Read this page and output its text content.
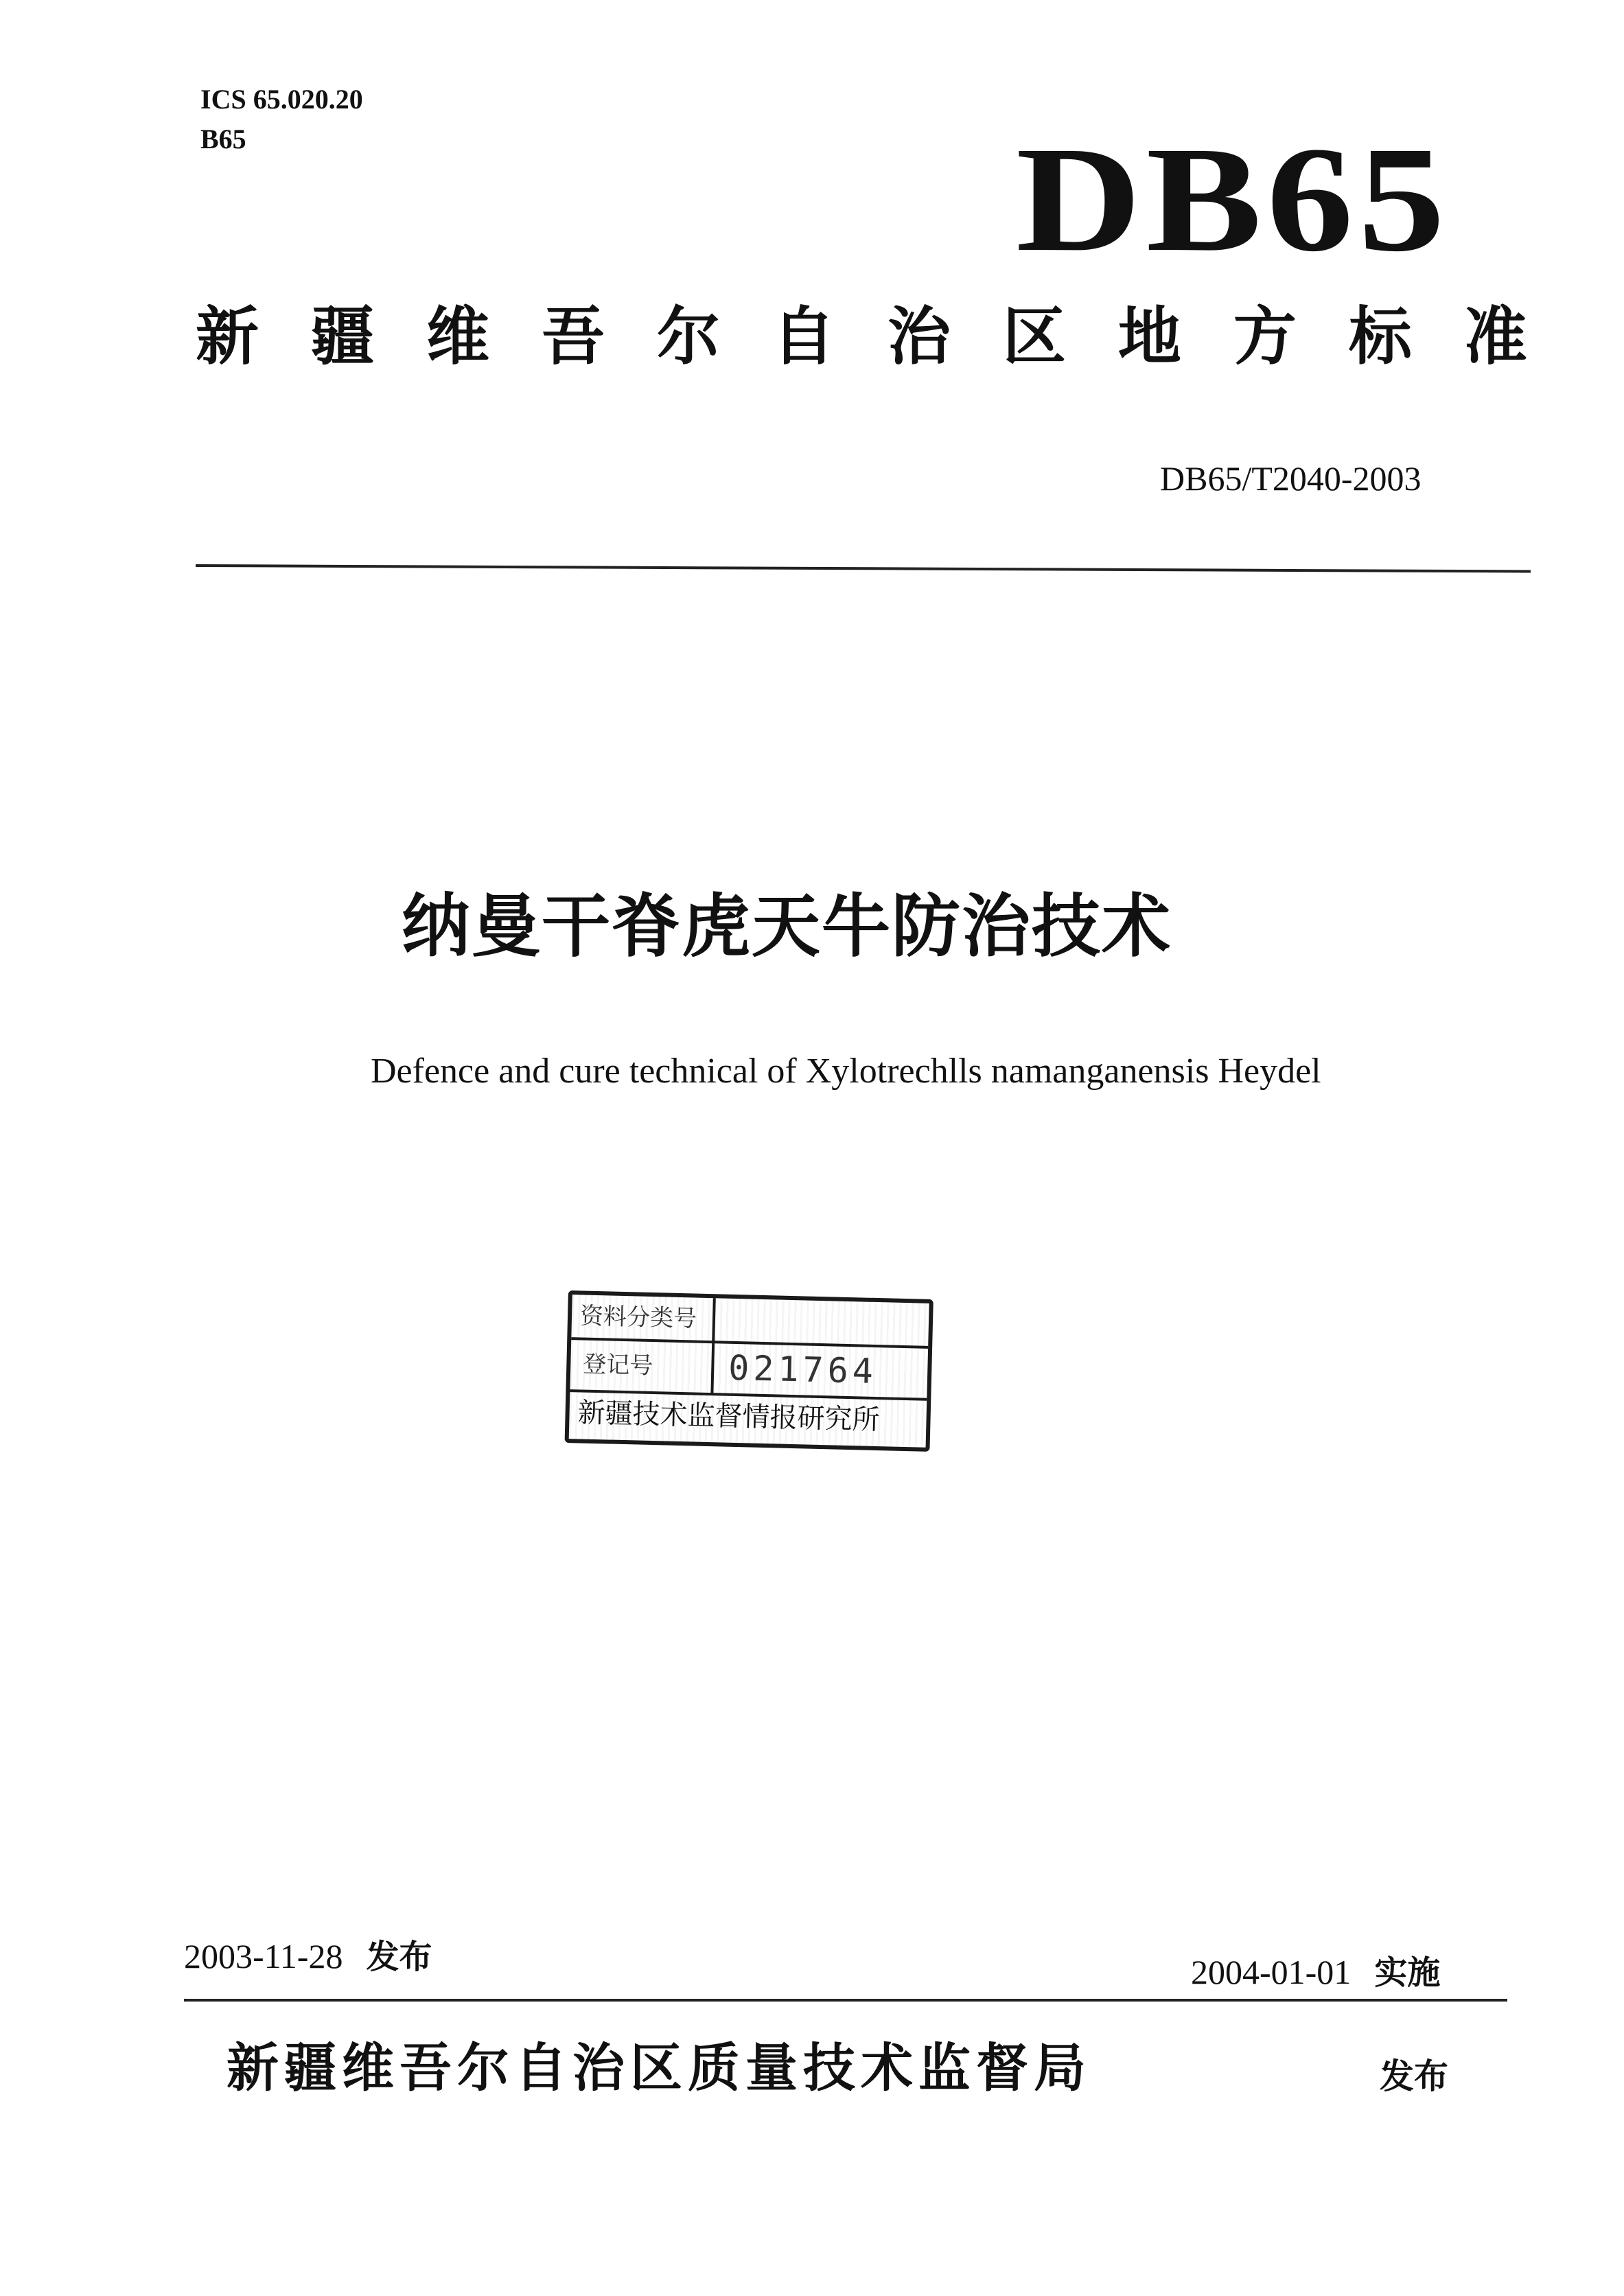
ICS 65.020.20
B65	DB65
新 疆 维 吾 尔 自 治 区 地 方 标 准
DB65/T2040-2003
纳曼干脊虎天牛防治技术
Defence and cure technical of Xylotrechlls namanganensis Heydel
资料分类号
登记号 021764
新疆技术监督情报研究所
2003-11-28 发布	2004-01-01 实施
新疆维吾尔自治区质量技术监督局	发布
